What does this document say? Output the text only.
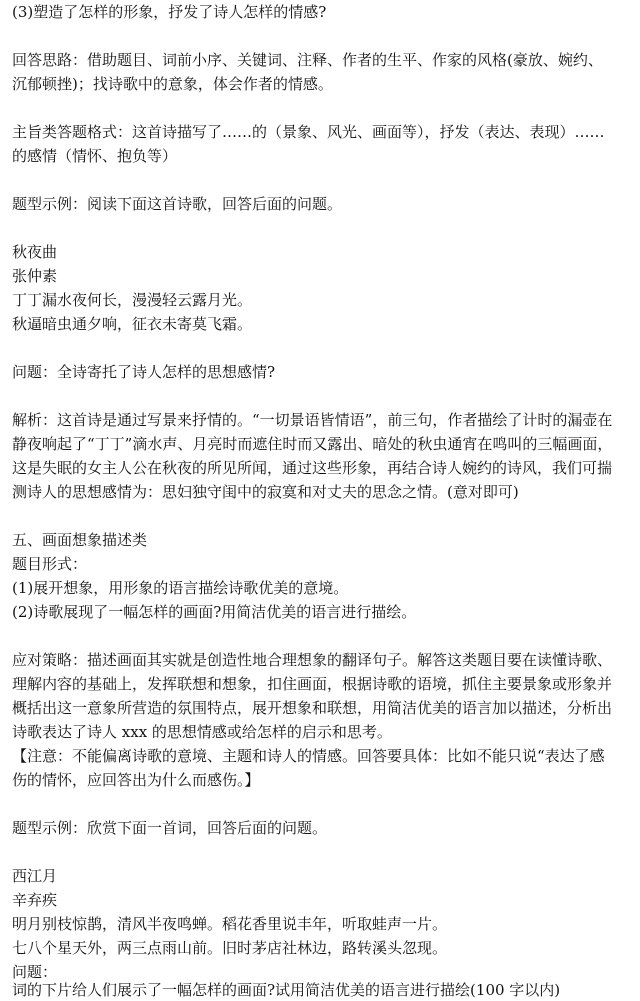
(3)塑造了怎样的形象，抒发了诗人怎样的情感?
回答思路：借助题目、词前小序、关键词、注释、作者的生平、作家的风格(豪放、婉约、
沉郁顿挫)；找诗歌中的意象，体会作者的情感。
主旨类答题格式：这首诗描写了……的（景象、风光、画面等），抒发（表达、表现）……
的感情（情怀、抱负等）
题型示例：阅读下面这首诗歌，回答后面的问题。
秋夜曲
张仲素
丁丁漏水夜何长，漫漫轻云露月光。
秋逼暗虫通夕响，征衣未寄莫飞霜。
问题：全诗寄托了诗人怎样的思想感情?
解析：这首诗是通过写景来抒情的。“一切景语皆情语”，前三句，作者描绘了计时的漏壶在
静夜响起了“丁丁”滴水声、月亮时而遮住时而又露出、暗处的秋虫通宵在鸣叫的三幅画面，
这是失眠的女主人公在秋夜的所见所闻，通过这些形象，再结合诗人婉约的诗风，我们可揣
测诗人的思想感情为：思妇独守闺中的寂寞和对丈夫的思念之情。(意对即可)
五、画面想象描述类
题目形式：
(1)展开想象，用形象的语言描绘诗歌优美的意境。
(2)诗歌展现了一幅怎样的画面?用简洁优美的语言进行描绘。
应对策略：描述画面其实就是创造性地合理想象的翻译句子。解答这类题目要在读懂诗歌、
理解内容的基础上，发挥联想和想象，扣住画面，根据诗歌的语境，抓住主要景象或形象并
概括出这一意象所营造的氛围特点，展开想象和联想，用简洁优美的语言加以描述，分析出
诗歌表达了诗人 xxx 的思想情感或给怎样的启示和思考。
【注意：不能偏离诗歌的意境、主题和诗人的情感。回答要具体：比如不能只说“表达了感
伤的情怀，应回答出为什么而感伤。】
题型示例：欣赏下面一首词，回答后面的问题。
西江月
辛弃疾
明月别枝惊鹊，清风半夜鸣蝉。稻花香里说丰年，听取蛙声一片。
七八个星天外，两三点雨山前。旧时茅店社林边，路转溪头忽现。
问题：
词的下片给人们展示了一幅怎样的画面?试用简洁优美的语言进行描绘(100 字以内)
